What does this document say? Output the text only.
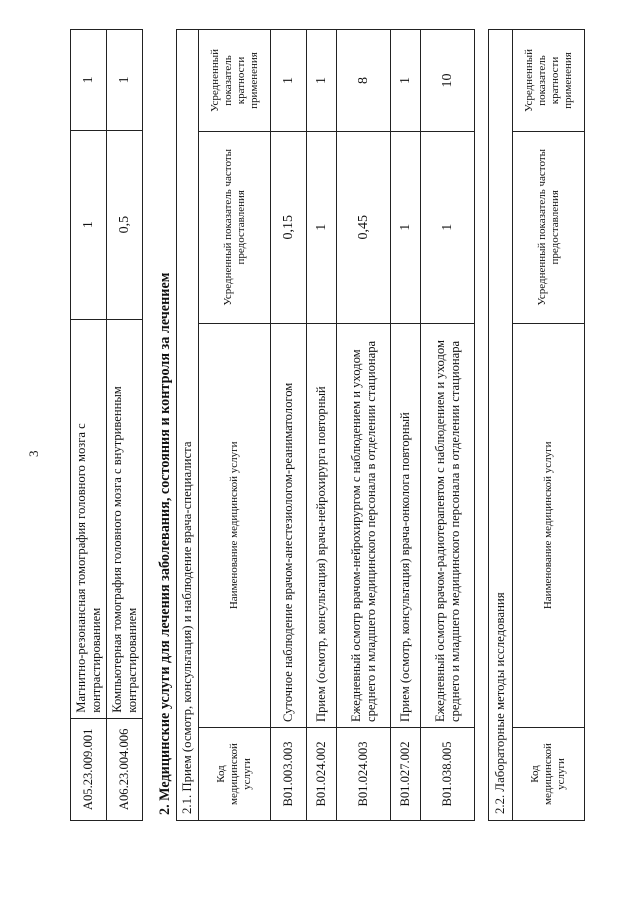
3
A05.23.009.001	Магнитно-резонансная томография головного мозга с контрастированием	1	1
A06.23.004.006	Компьютерная томография головного мозга с внутривенным контрастированием	0,5	1
2. Медицинские услуги для лечения заболевания, состояния и контроля за лечением 2.1. Прием (осмотр, консультация) и наблюдение врача-специалиста			
Код медицинской услуги	Наименование медицинской услуги	Усредненный показатель частоты предоставления	Усредненный показатель кратности применения
B01.003.003	Суточное наблюдение врачом-анестезиологом-реаниматологом	0,15	1
B01.024.002	Прием (осмотр, консультация) врача-нейрохирурга повторный	1	1
B01.024.003	Ежедневный осмотр врачом-нейрохирургом с наблюдением и уходом среднего и младшего медицинского персонала в отделении стационара	0,45	8
B01.027.002	Прием (осмотр, консультация) врача-онколога повторный	1	1
B01.038.005	Ежедневный осмотр врачом-радиотерапевтом с наблюдением и уходом среднего и младшего медицинского персонала в отделении стационара	1	10
2.2. Лабораторные методы исследования
Код медицинской услуги	Наименование медицинской услуги	Усредненный показатель частоты предоставления	Усредненный показатель кратности применения
